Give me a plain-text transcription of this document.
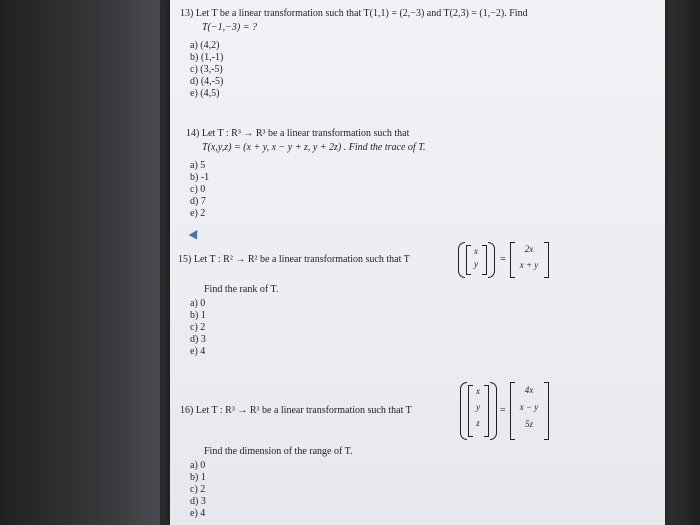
13) Let T be a linear transformation such that T(1,1) = (2,−3) and T(2,3) = (1,−2). Find
T(−1,−3) = ?
a) (4,2)
b) (1,-1)
c) (3,-5)
d) (4,-5)
e) (4,5)
14) Let T : R³ → R³ be a linear transformation such that
T(x,y,z) = (x + y, x − y + z, y + 2z) . Find the trace of T.
a) 5
b) -1
c) 0
d) 7
e) 2
15) Let T : R² → R² be a linear transformation such that T
x
y	=
2x
x + y
Find the rank of T.
a) 0
b) 1
c) 2
d) 3
e) 4
16) Let T : R³ → R³ be a linear transformation such that T
x
y
z
=
4x
x − y
5z
Find the dimension of the range of T.
a) 0
b) 1
c) 2
d) 3
e) 4
